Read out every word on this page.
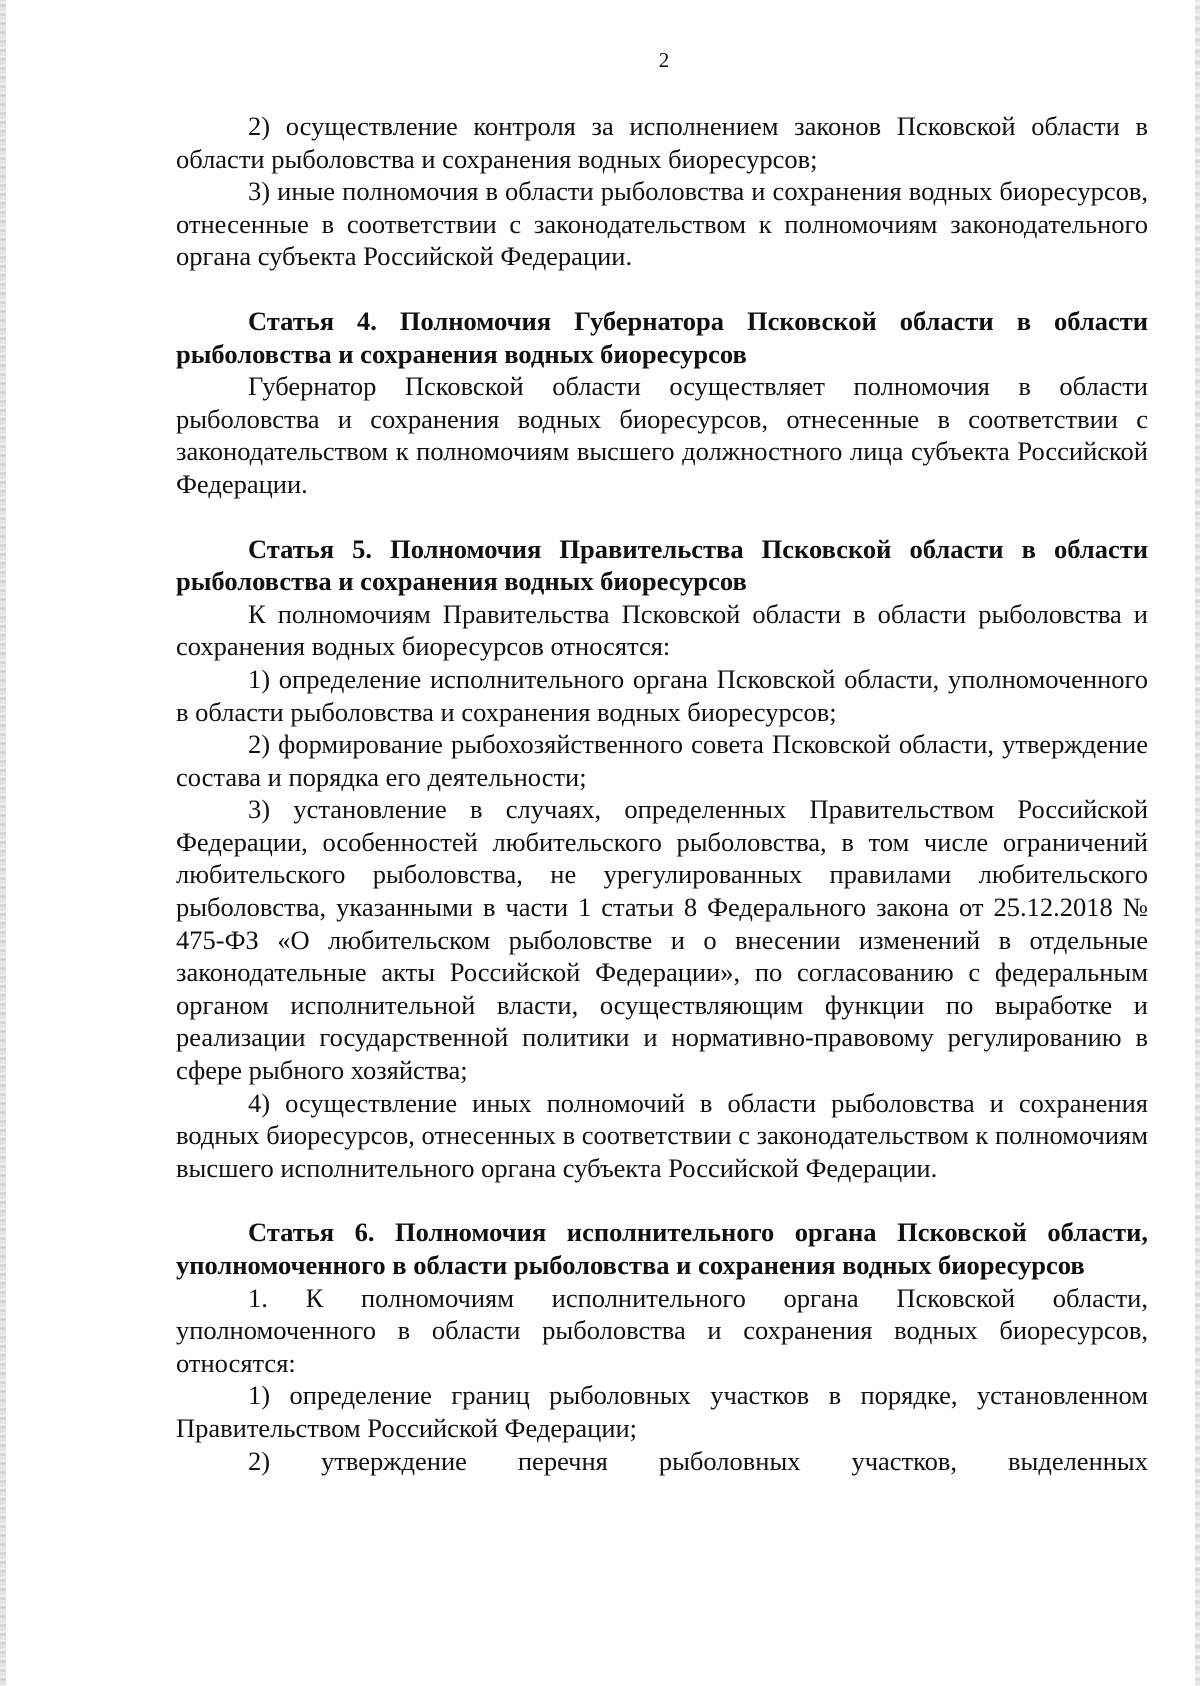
2

2) осуществление контроля за исполнением законов Псковской области в области рыболовства и сохранения водных биоресурсов;

3) иные полномочия в области рыболовства и сохранения водных биоресурсов, отнесенные в соответствии с законодательством к полномочиям законодательного органа субъекта Российской Федерации.

Статья 4. Полномочия Губернатора Псковской области в области рыболовства и сохранения водных биоресурсов

Губернатор Псковской области осуществляет полномочия в области рыболовства и сохранения водных биоресурсов, отнесенные в соответствии с законодательством к полномочиям высшего должностного лица субъекта Российской Федерации.

Статья 5. Полномочия Правительства Псковской области в области рыболовства и сохранения водных биоресурсов

К полномочиям Правительства Псковской области в области рыболовства и сохранения водных биоресурсов относятся:

1) определение исполнительного органа Псковской области, уполномоченного в области рыболовства и сохранения водных биоресурсов;

2) формирование рыбохозяйственного совета Псковской области, утверждение состава и порядка его деятельности;

3) установление в случаях, определенных Правительством Российской Федерации, особенностей любительского рыболовства, в том числе ограничений любительского рыболовства, не урегулированных правилами любительского рыболовства, указанными в части 1 статьи 8 Федерального закона от 25.12.2018 № 475-ФЗ «О любительском рыболовстве и о внесении изменений в отдельные законодательные акты Российской Федерации», по согласованию с федеральным органом исполнительной власти, осуществляющим функции по выработке и реализации государственной политики и нормативно-правовому регулированию в сфере рыбного хозяйства;

4) осуществление иных полномочий в области рыболовства и сохранения водных биоресурсов, отнесенных в соответствии с законодательством к полномочиям высшего исполнительного органа субъекта Российской Федерации.

Статья 6. Полномочия исполнительного органа Псковской области, уполномоченного в области рыболовства и сохранения водных биоресурсов

1. К полномочиям исполнительного органа Псковской области, уполномоченного в области рыболовства и сохранения водных биоресурсов, относятся:

1) определение границ рыболовных участков в порядке, установленном Правительством Российской Федерации;

2) утверждение перечня рыболовных участков, выделенных
